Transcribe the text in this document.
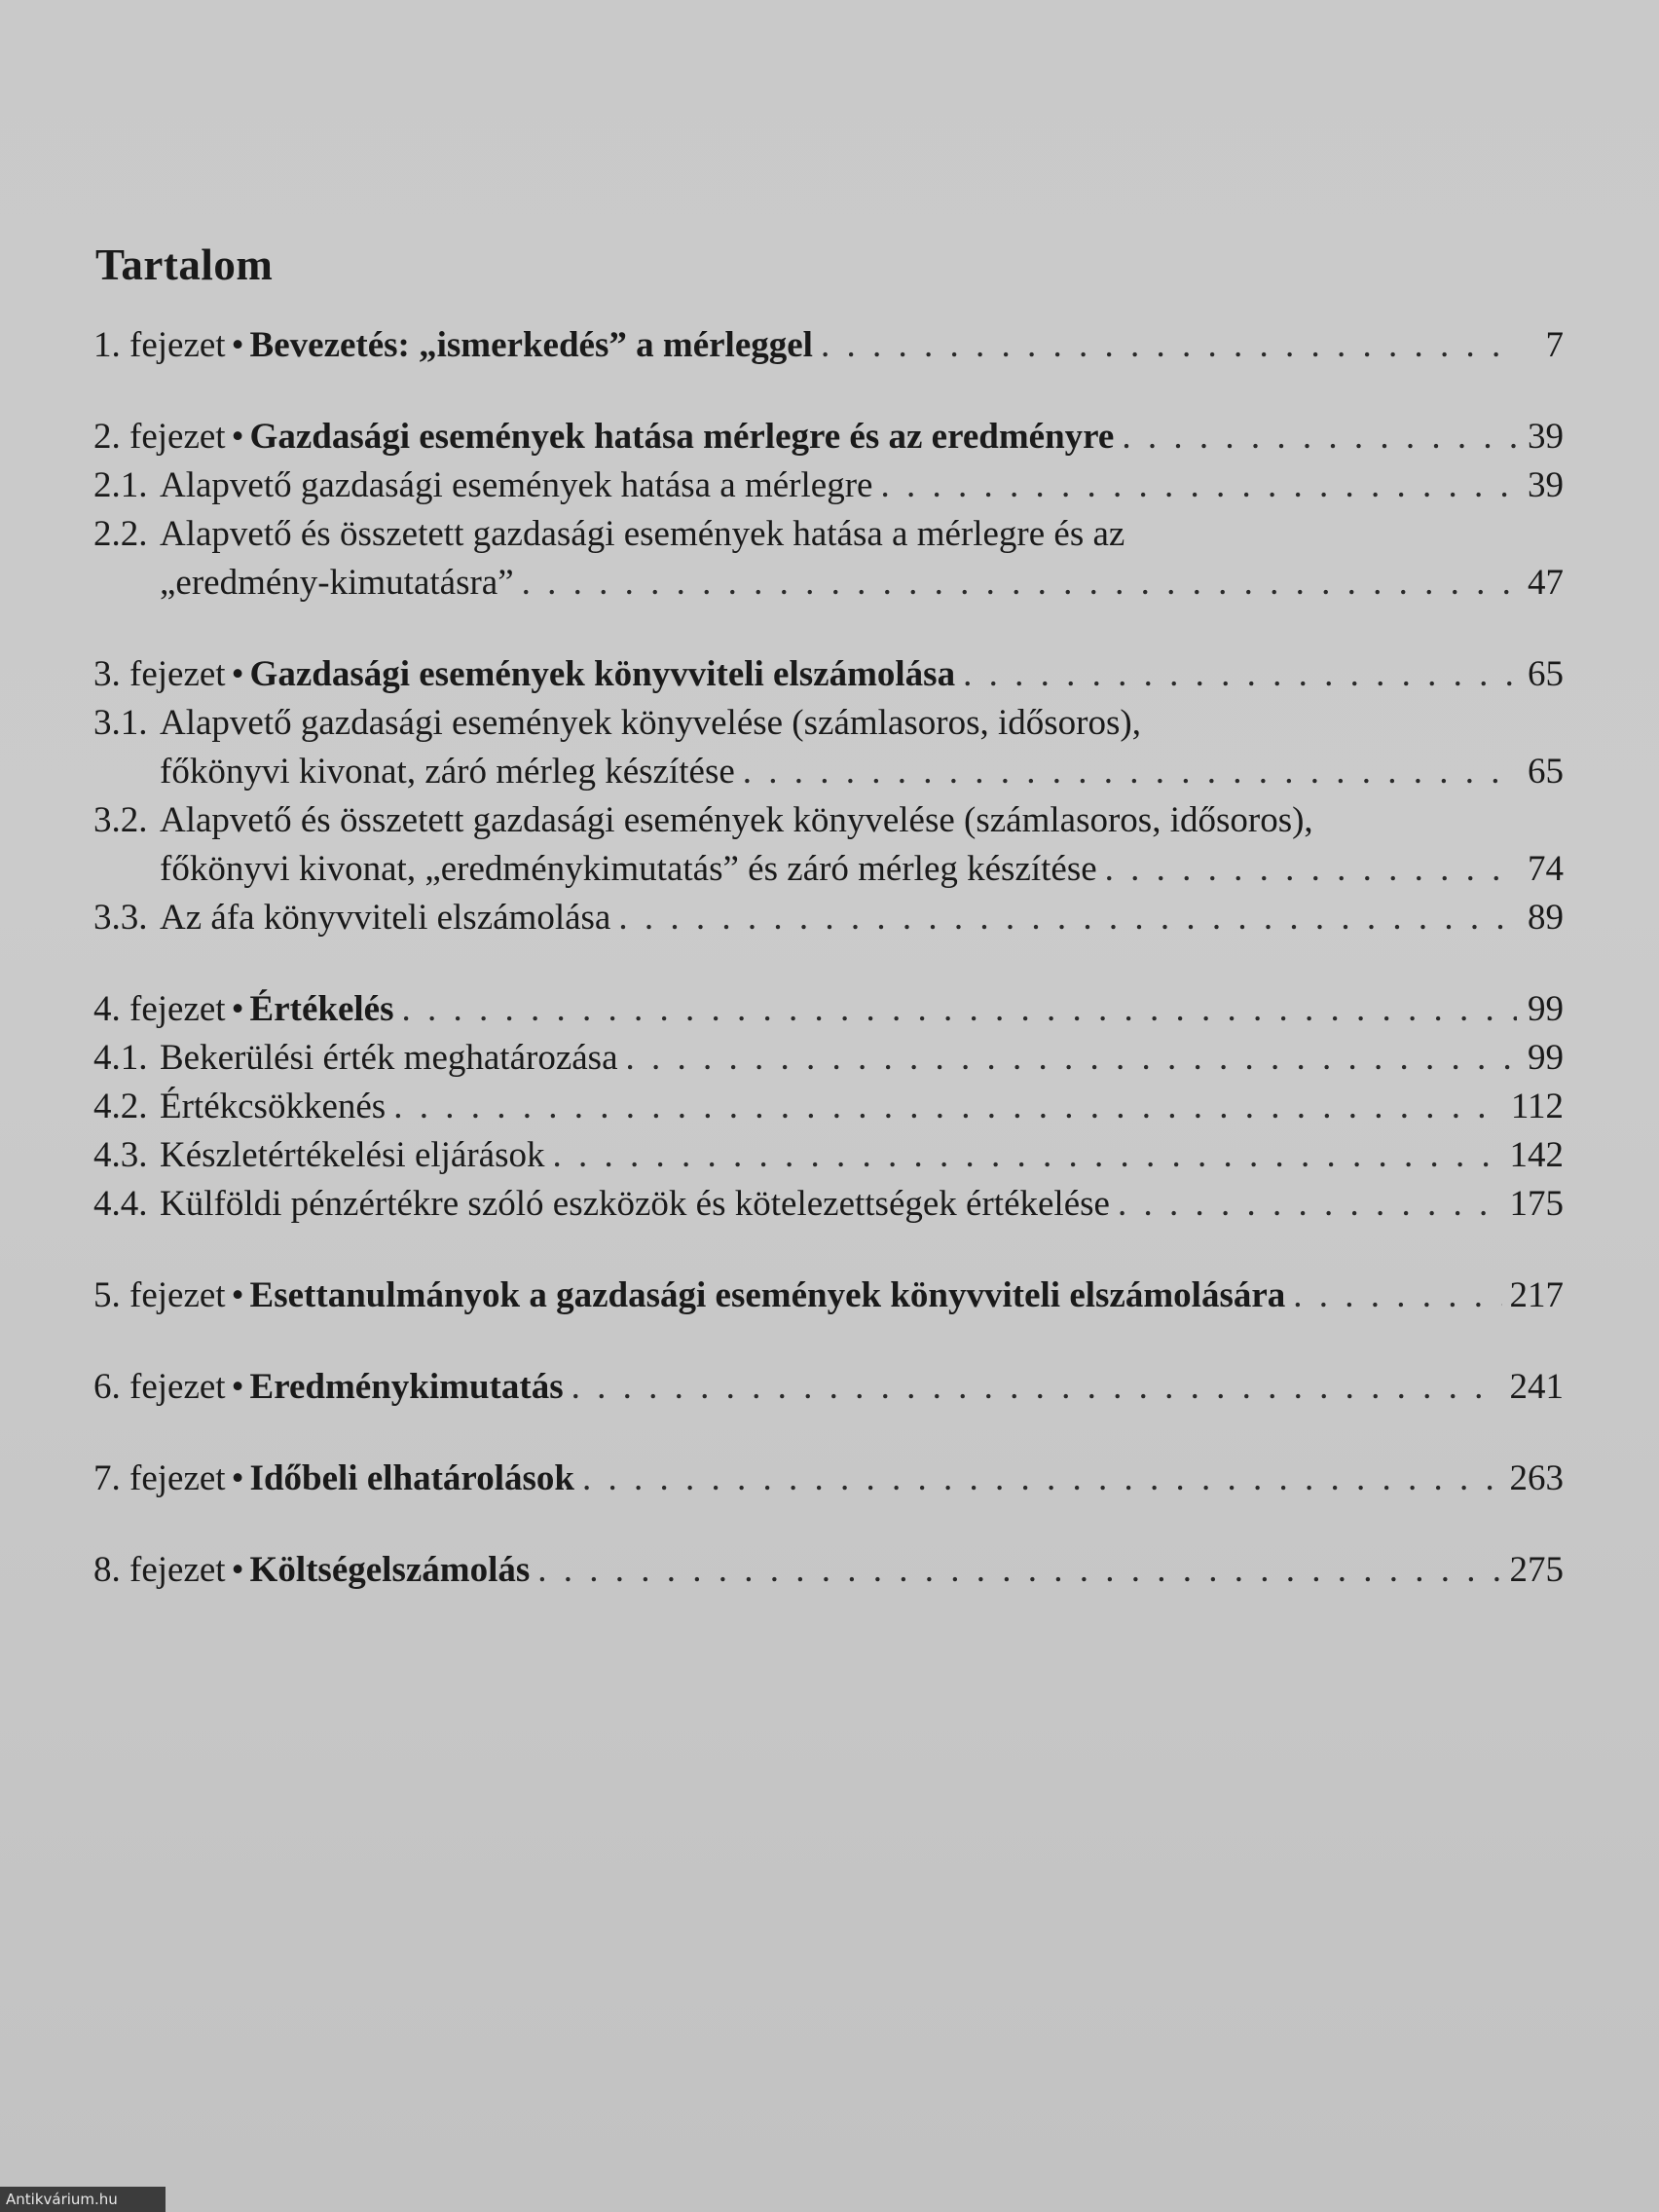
Tartalom
1. fejezet • Bevezetés: „ismerkedés” a mérleggel . . .	7
2. fejezet • Gazdasági események hatása mérlegre és az eredményre . . .	39
2.1. Alapvető gazdasági események hatása a mérlegre . . .	39
2.2. Alapvető és összetett gazdasági események hatása a mérlegre és az
„eredmény-kimutatásra” . . .	47
3. fejezet • Gazdasági események könyvviteli elszámolása . . .	65
3.1. Alapvető gazdasági események könyvelése (számlasoros, idősoros),
főkönyvi kivonat, záró mérleg készítése . . .	65
3.2. Alapvető és összetett gazdasági események könyvelése (számlasoros, idősoros),
főkönyvi kivonat, „eredménykimutatás” és záró mérleg készítése . . .	74
3.3. Az áfa könyvviteli elszámolása . . .	89
4. fejezet • Értékelés . . .	99
4.1. Bekerülési érték meghatározása . . .	99
4.2. Értékcsökkenés . . .	112
4.3. Készletértékelési eljárások . . .	142
4.4. Külföldi pénzértékre szóló eszközök és kötelezettségek értékelése . . .	175
5. fejezet • Esettanulmányok a gazdasági események könyvviteli elszámolására . . .	217
6. fejezet • Eredménykimutatás . . .	241
7. fejezet • Időbeli elhatárolások . . .	263
8. fejezet • Költségelszámolás . . .	275
Antikvárium.hu
